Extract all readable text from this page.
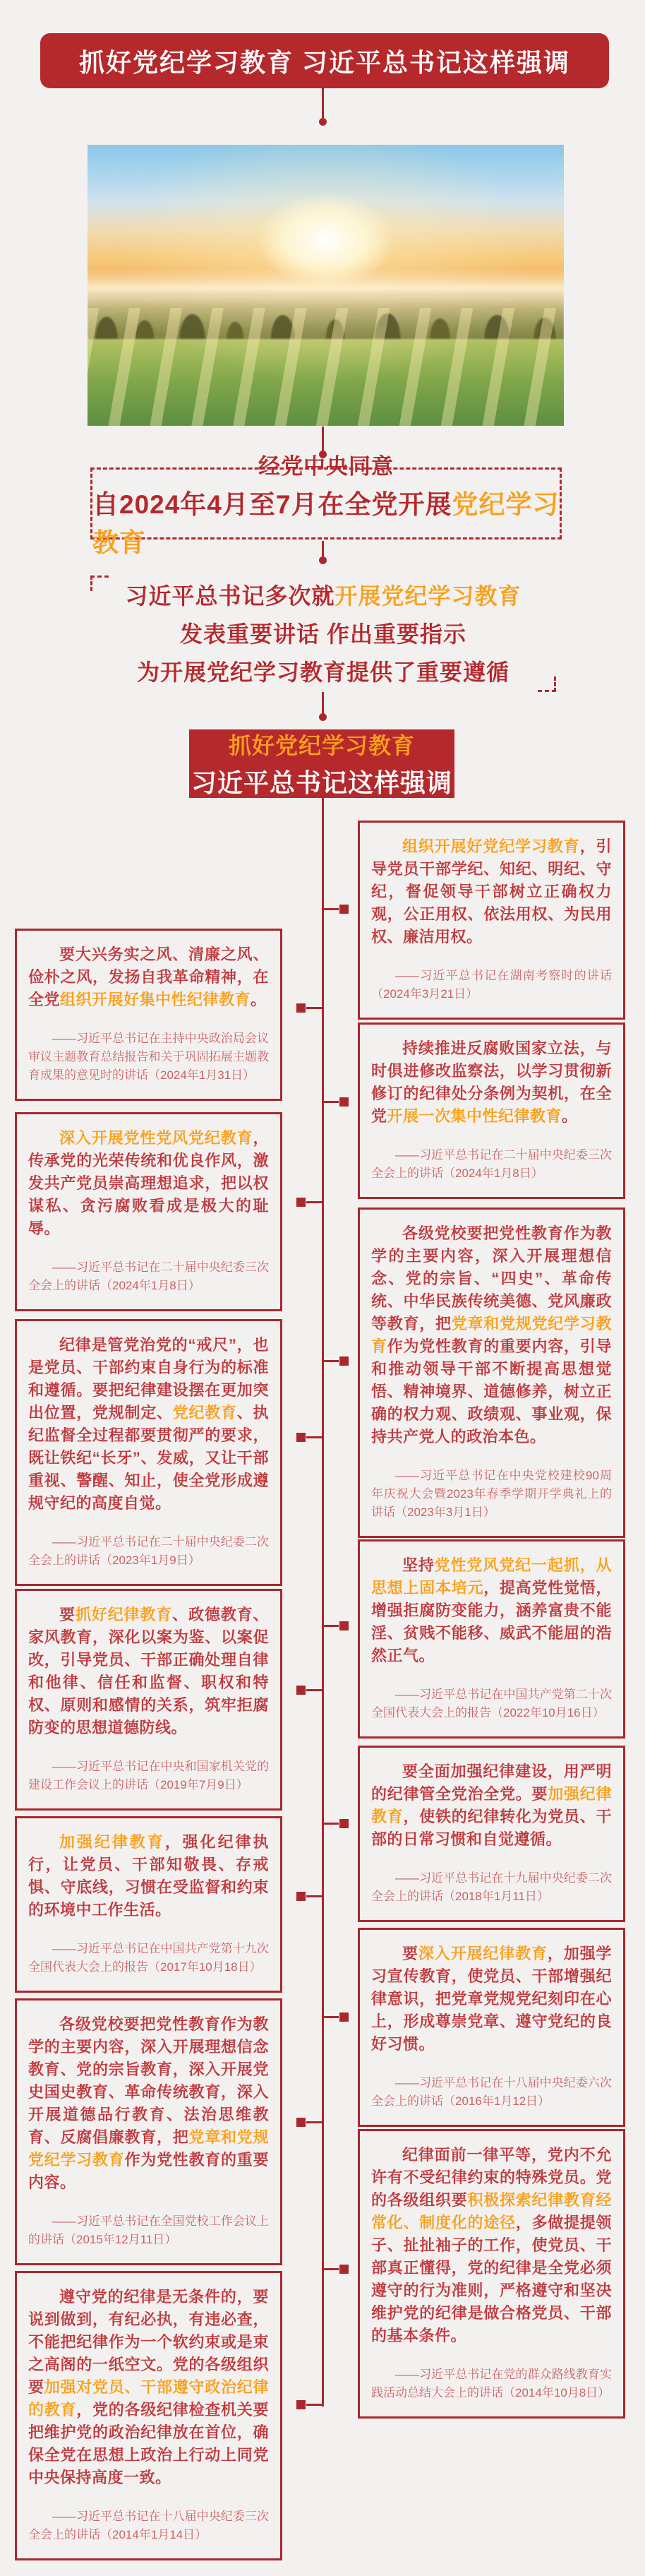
抓好党纪学习教育 习近平总书记这样强调
经党中央同意
自2024年4月至7月在全党开展党纪学习教育
习近平总书记多次就开展党纪学习教育
发表重要讲话 作出重要指示
为开展党纪学习教育提供了重要遵循
抓好党纪学习教育
习近平总书记这样强调
要大兴务实之风、清廉之风、俭朴之风，发扬自我革命精神，在全党组织开展好集中性纪律教育。
——习近平总书记在主持中央政治局会议审议主题教育总结报告和关于巩固拓展主题教育成果的意见时的讲话（2024年1月31日）
深入开展党性党风党纪教育，传承党的光荣传统和优良作风，激发共产党员崇高理想追求，把以权谋私、贪污腐败看成是极大的耻辱。
——习近平总书记在二十届中央纪委三次全会上的讲话（2024年1月8日）
纪律是管党治党的“戒尺”，也是党员、干部约束自身行为的标准和遵循。要把纪律建设摆在更加突出位置，党规制定、党纪教育、执纪监督全过程都要贯彻严的要求，既让铁纪“长牙”、发威，又让干部重视、警醒、知止，使全党形成遵规守纪的高度自觉。
——习近平总书记在二十届中央纪委二次全会上的讲话（2023年1月9日）
要抓好纪律教育、政德教育、家风教育，深化以案为鉴、以案促改，引导党员、干部正确处理自律和他律、信任和监督、职权和特权、原则和感情的关系，筑牢拒腐防变的思想道德防线。
——习近平总书记在中央和国家机关党的建设工作会议上的讲话（2019年7月9日）
加强纪律教育，强化纪律执行，让党员、干部知敬畏、存戒惧、守底线，习惯在受监督和约束的环境中工作生活。
——习近平总书记在中国共产党第十九次全国代表大会上的报告（2017年10月18日）
各级党校要把党性教育作为教学的主要内容，深入开展理想信念教育、党的宗旨教育，深入开展党史国史教育、革命传统教育，深入开展道德品行教育、法治思维教育、反腐倡廉教育，把党章和党规党纪学习教育作为党性教育的重要内容。
——习近平总书记在全国党校工作会议上的讲话（2015年12月11日）
遵守党的纪律是无条件的，要说到做到，有纪必执，有违必查，不能把纪律作为一个软约束或是束之高阁的一纸空文。党的各级组织要加强对党员、干部遵守政治纪律的教育，党的各级纪律检查机关要把维护党的政治纪律放在首位，确保全党在思想上政治上行动上同党中央保持高度一致。
——习近平总书记在十八届中央纪委三次全会上的讲话（2014年1月14日）
组织开展好党纪学习教育，引导党员干部学纪、知纪、明纪、守纪，督促领导干部树立正确权力观，公正用权、依法用权、为民用权、廉洁用权。
——习近平总书记在湖南考察时的讲话（2024年3月21日）
持续推进反腐败国家立法，与时俱进修改监察法，以学习贯彻新修订的纪律处分条例为契机，在全党开展一次集中性纪律教育。
——习近平总书记在二十届中央纪委三次全会上的讲话（2024年1月8日）
各级党校要把党性教育作为教学的主要内容，深入开展理想信念、党的宗旨、“四史”、革命传统、中华民族传统美德、党风廉政等教育，把党章和党规党纪学习教育作为党性教育的重要内容，引导和推动领导干部不断提高思想觉悟、精神境界、道德修养，树立正确的权力观、政绩观、事业观，保持共产党人的政治本色。
——习近平总书记在中央党校建校90周年庆祝大会暨2023年春季学期开学典礼上的讲话（2023年3月1日）
坚持党性党风党纪一起抓，从思想上固本培元，提高党性觉悟，增强拒腐防变能力，涵养富贵不能淫、贫贱不能移、威武不能屈的浩然正气。
——习近平总书记在中国共产党第二十次全国代表大会上的报告（2022年10月16日）
要全面加强纪律建设，用严明的纪律管全党治全党。要加强纪律教育，使铁的纪律转化为党员、干部的日常习惯和自觉遵循。
——习近平总书记在十九届中央纪委二次全会上的讲话（2018年1月11日）
要深入开展纪律教育，加强学习宣传教育，使党员、干部增强纪律意识，把党章党规党纪刻印在心上，形成尊崇党章、遵守党纪的良好习惯。
——习近平总书记在十八届中央纪委六次全会上的讲话（2016年1月12日）
纪律面前一律平等，党内不允许有不受纪律约束的特殊党员。党的各级组织要积极探索纪律教育经常化、制度化的途径，多做提提领子、扯扯袖子的工作，使党员、干部真正懂得，党的纪律是全党必须遵守的行为准则，严格遵守和坚决维护党的纪律是做合格党员、干部的基本条件。
——习近平总书记在党的群众路线教育实践活动总结大会上的讲话（2014年10月8日）
